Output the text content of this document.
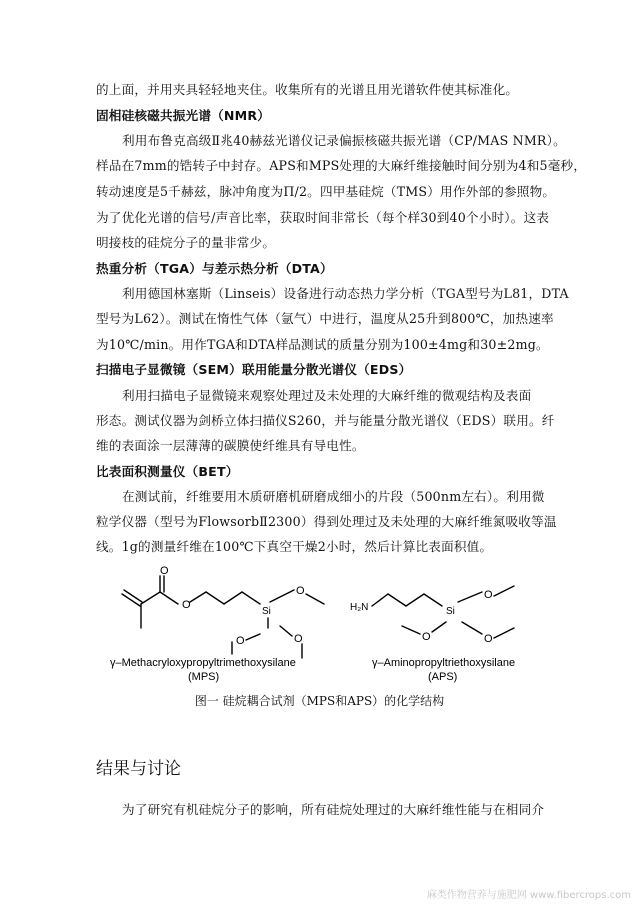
的上面，并用夹具轻轻地夹住。收集所有的光谱且用光谱软件使其标准化。
固相硅核磁共振光谱（NMR）
利用布鲁克高级Ⅱ兆40赫兹光谱仪记录偏振核磁共振光谱（CP/MAS NMR）。
样品在7mm的锆转子中封存。APS和MPS处理的大麻纤维接触时间分别为4和5毫秒，
转动速度是5千赫兹，脉冲角度为Π/2。四甲基硅烷（TMS）用作外部的参照物。
为了优化光谱的信号/声音比率，获取时间非常长（每个样30到40个小时）。这表
明接枝的硅烷分子的量非常少。
热重分析（TGA）与差示热分析（DTA）
利用德国林塞斯（Linseis）设备进行动态热力学分析（TGA型号为L81，DTA
型号为L62）。测试在惰性气体（氩气）中进行，温度从25升到800℃，加热速率
为10℃/min。用作TGA和DTA样品测试的质量分别为100±4mg和30±2mg。
扫描电子显微镜（SEM）联用能量分散光谱仪（EDS）
利用扫描电子显微镜来观察处理过及未处理的大麻纤维的微观结构及表面
形态。测试仪器为剑桥立体扫描仪S260，并与能量分散光谱仪（EDS）联用。纤
维的表面涂一层薄薄的碳膜使纤维具有导电性。
比表面积测量仪（BET）
在测试前，纤维要用木质研磨机研磨成细小的片段（500nm左右）。利用微
粒学仪器（型号为FlowsorbⅡ2300）得到处理过及未处理的大麻纤维氮吸收等温
线。1g的测量纤维在100℃下真空干燥2小时，然后计算比表面积值。
O
O
Si
O
O	O
H₂N	Si
O
O	O
γ–Methacryloxypropyltrimethoxysilane
(MPS)
γ–Aminopropyltriethoxysilane
(APS)
图一 硅烷耦合试剂（MPS和APS）的化学结构
结果与讨论
为了研究有机硅烷分子的影响，所有硅烷处理过的大麻纤维性能与在相同介
麻类作物营养与施肥网 www.fibercrops.com
